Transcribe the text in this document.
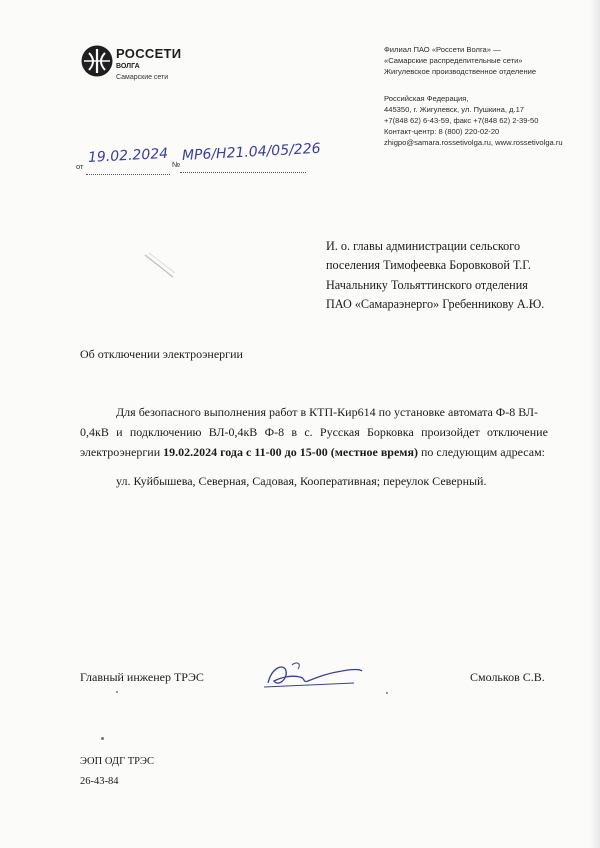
РОССЕТИ
ВОЛГА
Самарские сети
Филиал ПАО «Россети Волга» —
«Самарские распределительные сети»
Жигулевское производственное отделение
Российская Федерация,
445350, г. Жигулевск, ул. Пушкина, д.17
+7(848 62) 6-43-59, факс +7(848 62) 2-39-50
Контакт-центр: 8 (800) 220-02-20
zhigpo@samara.rossetivolga.ru, www.rossetivolga.ru
от
19.02.2024 №
МР6/Н21.04/05/226
И. о. главы администрации сельского
поселения Тимофеевка Боровковой Т.Г.
Начальнику Тольяттинского отделения
ПАО «Самараэнерго» Гребенникову А.Ю.
Об отключении электроэнергии
Для безопасного выполнения работ в КТП-Кир614 по установке автомата Ф-8 ВЛ-
0,4кВ и подключению ВЛ-0,4кВ Ф-8 в с. Русская Борковка произойдет отключение
электроэнергии 19.02.2024 года с 11-00 до 15-00 (местное время) по следующим адресам:
ул. Куйбышева, Северная, Садовая, Кооперативная; переулок Северный.
Главный инженер ТРЭС	Смольков С.В.
ЭОП ОДГ ТРЭС
26-43-84
